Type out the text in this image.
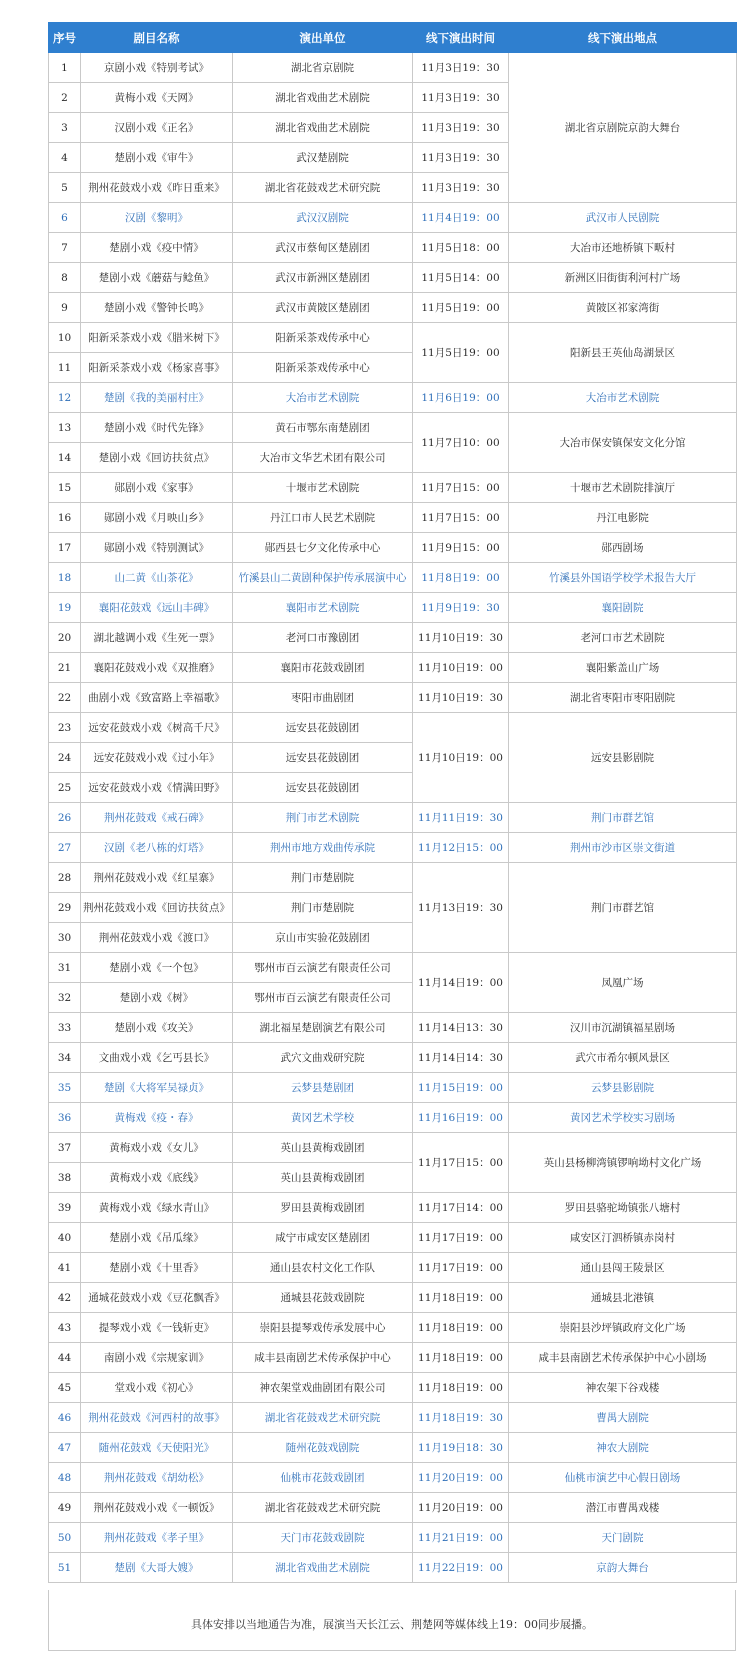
序号	剧目名称	演出单位	线下演出时间	线下演出地点
1	京剧小戏《特别考试》	湖北省京剧院	11月3日19：30	湖北省京剧院京韵大舞台
2	黄梅小戏《天网》	湖北省戏曲艺术剧院	11月3日19：30	
3	汉剧小戏《正名》	湖北省戏曲艺术剧院	11月3日19：30	
4	楚剧小戏《审牛》	武汉楚剧院	11月3日19：30	
5	荆州花鼓戏小戏《昨日重来》	湖北省花鼓戏艺术研究院	11月3日19：30	
6	汉剧《黎明》	武汉汉剧院	11月4日19：00	武汉市人民剧院
7	楚剧小戏《疫中情》	武汉市蔡甸区楚剧团	11月5日18：00	大冶市还地桥镇下畈村
8	楚剧小戏《蘑菇与鲶鱼》	武汉市新洲区楚剧团	11月5日14：00	新洲区旧街街利河村广场
9	楚剧小戏《警钟长鸣》	武汉市黄陂区楚剧团	11月5日19：00	黄陂区祁家湾街
10	阳新采茶戏小戏《腊米树下》	阳新采茶戏传承中心	11月5日19：00	阳新县王英仙岛湖景区
11	阳新采茶戏小戏《杨家喜事》	阳新采茶戏传承中心		
12	楚剧《我的美丽村庄》	大冶市艺术剧院	11月6日19：00	大冶市艺术剧院
13	楚剧小戏《时代先锋》	黄石市鄂东南楚剧团	11月7日10：00	大冶市保安镇保安文化分馆
14	楚剧小戏《回访扶贫点》	大冶市文华艺术团有限公司		
15	郧剧小戏《家事》	十堰市艺术剧院	11月7日15：00	十堰市艺术剧院排演厅
16	郧剧小戏《月映山乡》	丹江口市人民艺术剧院	11月7日15：00	丹江电影院
17	郧剧小戏《特别测试》	郧西县七夕文化传承中心	11月9日15：00	郧西剧场
18	山二黄《山茶花》	竹溪县山二黄剧种保护传承展演中心	11月8日19：00	竹溪县外国语学校学术报告大厅
19	襄阳花鼓戏《远山丰碑》	襄阳市艺术剧院	11月9日19：30	襄阳剧院
20	湖北越调小戏《生死一票》	老河口市豫剧团	11月10日19：30	老河口市艺术剧院
21	襄阳花鼓戏小戏《双推磨》	襄阳市花鼓戏剧团	11月10日19：00	襄阳紫盖山广场
22	曲剧小戏《致富路上幸福歌》	枣阳市曲剧团	11月10日19：30	湖北省枣阳市枣阳剧院
23	远安花鼓戏小戏《树高千尺》	远安县花鼓剧团	11月10日19：00	远安县影剧院
24	远安花鼓戏小戏《过小年》	远安县花鼓剧团		
25	远安花鼓戏小戏《情满田野》	远安县花鼓剧团		
26	荆州花鼓戏《戒石碑》	荆门市艺术剧院	11月11日19：30	荆门市群艺馆
27	汉剧《老八栋的灯塔》	荆州市地方戏曲传承院	11月12日15：00	荆州市沙市区崇文街道
28	荆州花鼓戏小戏《红星寨》	荆门市楚剧院	11月13日19：30	荆门市群艺馆
29	荆州花鼓戏小戏《回访扶贫点》	荆门市楚剧院		
30	荆州花鼓戏小戏《渡口》	京山市实验花鼓剧团		
31	楚剧小戏《一个包》	鄂州市百云演艺有限责任公司	11月14日19：00	凤凰广场
32	楚剧小戏《树》	鄂州市百云演艺有限责任公司		
33	楚剧小戏《攻关》	湖北福星楚剧演艺有限公司	11月14日13：30	汉川市沉湖镇福星剧场
34	文曲戏小戏《乞丐县长》	武穴文曲戏研究院	11月14日14：30	武穴市希尔顿风景区
35	楚剧《大将军吴禄贞》	云梦县楚剧团	11月15日19：00	云梦县影剧院
36	黄梅戏《疫・春》	黄冈艺术学校	11月16日19：00	黄冈艺术学校实习剧场
37	黄梅戏小戏《女儿》	英山县黄梅戏剧团	11月17日15：00	英山县杨柳湾镇锣响坳村文化广场
38	黄梅戏小戏《底线》	英山县黄梅戏剧团		
39	黄梅戏小戏《绿水青山》	罗田县黄梅戏剧团	11月17日14：00	罗田县骆驼坳镇张八塘村
40	楚剧小戏《吊瓜缘》	咸宁市咸安区楚剧团	11月17日19：00	咸安区汀泗桥镇赤岗村
41	楚剧小戏《十里香》	通山县农村文化工作队	11月17日19：00	通山县闯王陵景区
42	通城花鼓戏小戏《豆花飘香》	通城县花鼓戏剧院	11月18日19：00	通城县北港镇
43	提琴戏小戏《一钱斩吏》	崇阳县提琴戏传承发展中心	11月18日19：00	崇阳县沙坪镇政府文化广场
44	南剧小戏《宗规家训》	咸丰县南剧艺术传承保护中心	11月18日19：00	咸丰县南剧艺术传承保护中心小剧场
45	堂戏小戏《初心》	神农架堂戏曲剧团有限公司	11月18日19：00	神农架下谷戏楼
46	荆州花鼓戏《河西村的故事》	湖北省花鼓戏艺术研究院	11月18日19：30	曹禺大剧院
47	随州花鼓戏《天使阳光》	随州花鼓戏剧院	11月19日18：30	神农大剧院
48	荆州花鼓戏《胡幼松》	仙桃市花鼓戏剧团	11月20日19：00	仙桃市演艺中心假日剧场
49	荆州花鼓戏小戏《一顿饭》	湖北省花鼓戏艺术研究院	11月20日19：00	潜江市曹禺戏楼
50	荆州花鼓戏《孝子里》	天门市花鼓戏剧院	11月21日19：00	天门剧院
51	楚剧《大哥大嫂》	湖北省戏曲艺术剧院	11月22日19：00	京韵大舞台
具体安排以当地通告为准，展演当天长江云、荆楚网等媒体线上19：00同步展播。
